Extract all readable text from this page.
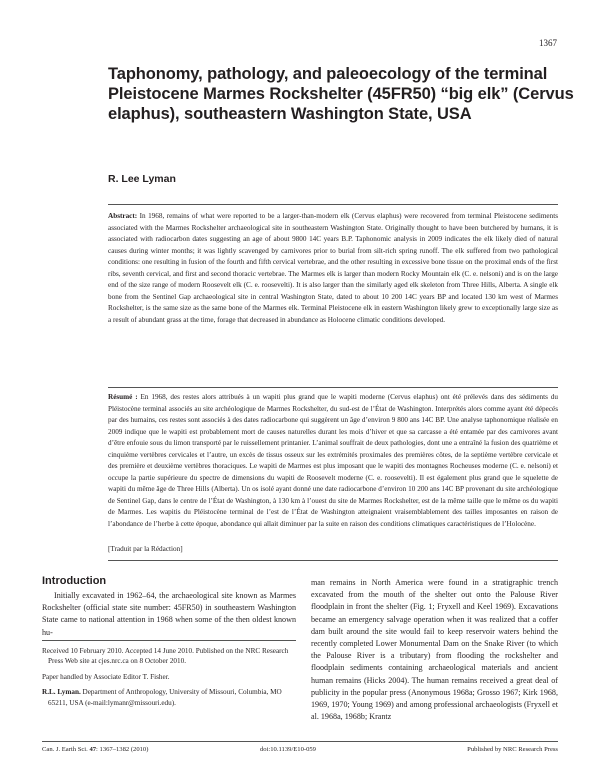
1367
Taphonomy, pathology, and paleoecology of the terminal Pleistocene Marmes Rockshelter (45FR50) “big elk” (Cervus elaphus), southeastern Washington State, USA
R. Lee Lyman
Abstract: In 1968, remains of what were reported to be a larger-than-modern elk (Cervus elaphus) were recovered from terminal Pleistocene sediments associated with the Marmes Rockshelter archaeological site in southeastern Washington State. Originally thought to have been butchered by humans, it is associated with radiocarbon dates suggesting an age of about 9800 14C years B.P. Taphonomic analysis in 2009 indicates the elk likely died of natural causes during winter months; it was lightly scavenged by carnivores prior to burial from silt-rich spring runoff. The elk suffered from two pathological conditions: one resulting in fusion of the fourth and fifth cervical vertebrae, and the other resulting in excessive bone tissue on the proximal ends of the first ribs, seventh cervical, and first and second thoracic vertebrae. The Marmes elk is larger than modern Rocky Mountain elk (C. e. nelsoni) and is on the large end of the size range of modern Roosevelt elk (C. e. roosevelti). It is also larger than the similarly aged elk skeleton from Three Hills, Alberta. A single elk bone from the Sentinel Gap archaeological site in central Washington State, dated to about 10 200 14C years BP and located 130 km west of Marmes Rockshelter, is the same size as the same bone of the Marmes elk. Terminal Pleistocene elk in eastern Washington likely grew to exceptionally large size as a result of abundant grass at the time, forage that decreased in abundance as Holocene climatic conditions developed.
Résumé : En 1968, des restes alors attribués à un wapiti plus grand que le wapiti moderne (Cervus elaphus) ont été prélevés dans des sédiments du Pléistocène terminal associés au site archéologique de Marmes Rockshelter, du sud-est de l’État de Washington. Interprétés alors comme ayant été dépecés par des humains, ces restes sont associés à des dates radiocarbone qui suggèrent un âge d’environ 9 800 ans 14C BP. Une analyse taphonomique réalisée en 2009 indique que le wapiti est probablement mort de causes naturelles durant les mois d’hiver et que sa carcasse a été entamée par des carnivores avant d’être enfouie sous du limon transporté par le ruissellement printanier. L’animal souffrait de deux pathologies, dont une a entraîné la fusion des quatrième et cinquième vertèbres cervicales et l’autre, un excès de tissus osseux sur les extrémités proximales des premières côtes, de la septième vertèbre cervicale et des première et deuxième vertèbres thoraciques. Le wapiti de Marmes est plus imposant que le wapiti des montagnes Rocheuses moderne (C. e. nelsoni) et occupe la partie supérieure du spectre de dimensions du wapiti de Roosevelt moderne (C. e. roosevelti). Il est également plus grand que le squelette de wapiti du même âge de Three Hills (Alberta). Un os isolé ayant donné une date radiocarbone d’environ 10 200 ans 14C BP provenant du site archéologique de Sentinel Gap, dans le centre de l’État de Washington, à 130 km à l’ouest du site de Marmes Rockshelter, est de la même taille que le même os du wapiti de Marmes. Les wapitis du Pléistocène terminal de l’est de l’État de Washington atteignaient vraisemblablement des tailles imposantes en raison de l’abondance de l’herbe à cette époque, abondance qui allait diminuer par la suite en raison des conditions climatiques caractéristiques de l’Holocène.
[Traduit par la Rédaction]
Introduction
Initially excavated in 1962–64, the archaeological site known as Marmes Rockshelter (official state site number: 45FR50) in southeastern Washington State came to national attention in 1968 when some of the then oldest known hu-
man remains in North America were found in a stratigraphic trench excavated from the mouth of the shelter out onto the Palouse River floodplain in front the shelter (Fig. 1; Fryxell and Keel 1969). Excavations became an emergency salvage operation when it was realized that a coffer dam built around the site would fail to keep reservoir waters behind the recently completed Lower Monumental Dam on the Snake River (to which the Palouse River is a tributary) from flooding the rockshelter and floodplain sediments containing archaeological materials and ancient human remains (Hicks 2004). The human remains received a great deal of publicity in the popular press (Anonymous 1968a; Grosso 1967; Kirk 1968, 1969, 1970; Young 1969) and among professional archaeologists (Fryxell et al. 1968a, 1968b; Krantz

Received 10 February 2010. Accepted 14 June 2010. Published on the NRC Research Press Web site at cjes.nrc.ca on 8 October 2010.

Paper handled by Associate Editor T. Fisher.

R.L. Lyman. Department of Anthropology, University of Missouri, Columbia, MO 65211, USA (e-mail:lymanr@missouri.edu).

Can. J. Earth Sci. 47: 1367–1382 (2010)	doi:10.1139/E10-059	Published by NRC Research Press
